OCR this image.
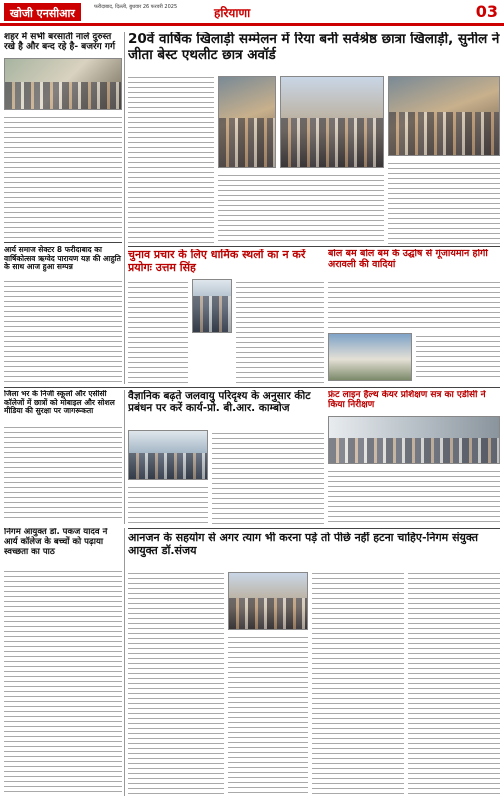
खोजी एनसीआर	फरीदाबाद, दिल्ली, बुधवार 26 फरवरी 2025	हरियाणा	03
शहर में सभी बरसाती नाले दुरुस्त रखे है और बन्द रहे है- बजरंग गर्ग
आर्य समाज सेक्टर 8 फरीदाबाद का वार्षिकोत्सव ऋग्वेद पारायण यज्ञ की आहुति के साथ आज हुआ सम्पन्न
20वें वार्षिक खिलाड़ी सम्मेलन में रिया बनी सर्वश्रेष्ठ छात्रा खिलाड़ी, सुनील ने जीता बेस्ट एथलीट छात्र अवॉर्ड
चुनाव प्रचार के लिए धार्मिक स्थलों का न करें प्रयोगः उत्तम सिंह
बोल बम बोल बम के उद्घोष से गूंजायमान होगी अरावली की वादियां
जिला भर के निजी स्कूलों और एसीसी कॉलेजों में छात्रों को मोबाइल और सोशल मीडिया की सुरक्षा पर जागरूकता
वैज्ञानिक बढ़ते जलवायु परिदृश्य के अनुसार कीट प्रबंधन पर करें कार्य-प्रो. बी.आर. काम्बोज
फ्रंट लाइन हैल्थ केयर प्रशिक्षण सत्र का एडीसी ने किया निरीक्षण
आनजन के सहयोग से अगर त्याग भी करना पड़े तो पीछे नहीं हटना चाहिए-निगम संयुक्त आयुक्त डॉ.संजय
निगम आयुक्त डॉ. पंकज यादव ने आर्य कॉलेज के बच्चों को पढ़ाया स्वच्छता का पाठ
